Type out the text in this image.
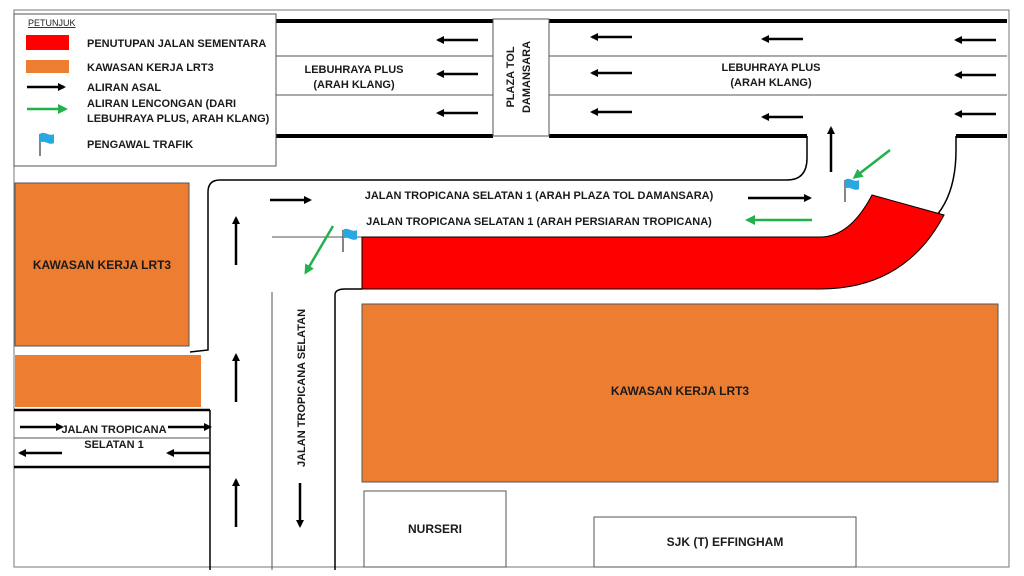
PLAZA TOL DAMANSARA
LEBUHRAYA PLUS
(ARAH KLANG)
LEBUHRAYA PLUS
(ARAH KLANG)
KAWASAN KERJA LRT3
KAWASAN KERJA LRT3
NURSERI
SJK (T) EFFINGHAM
JALAN TROPICANA SELATAN 1 (ARAH PLAZA TOL DAMANSARA)
JALAN TROPICANA SELATAN 1 (ARAH PERSIARAN TROPICANA)
JALAN TROPICANA
SELATAN 1	JALAN TROPICANA SELATAN
PETUNJUK
PENUTUPAN JALAN SEMENTARA
KAWASAN KERJA LRT3
ALIRAN ASAL
ALIRAN LENCONGAN (DARI
LEBUHRAYA PLUS, ARAH KLANG)
PENGAWAL TRAFIK
